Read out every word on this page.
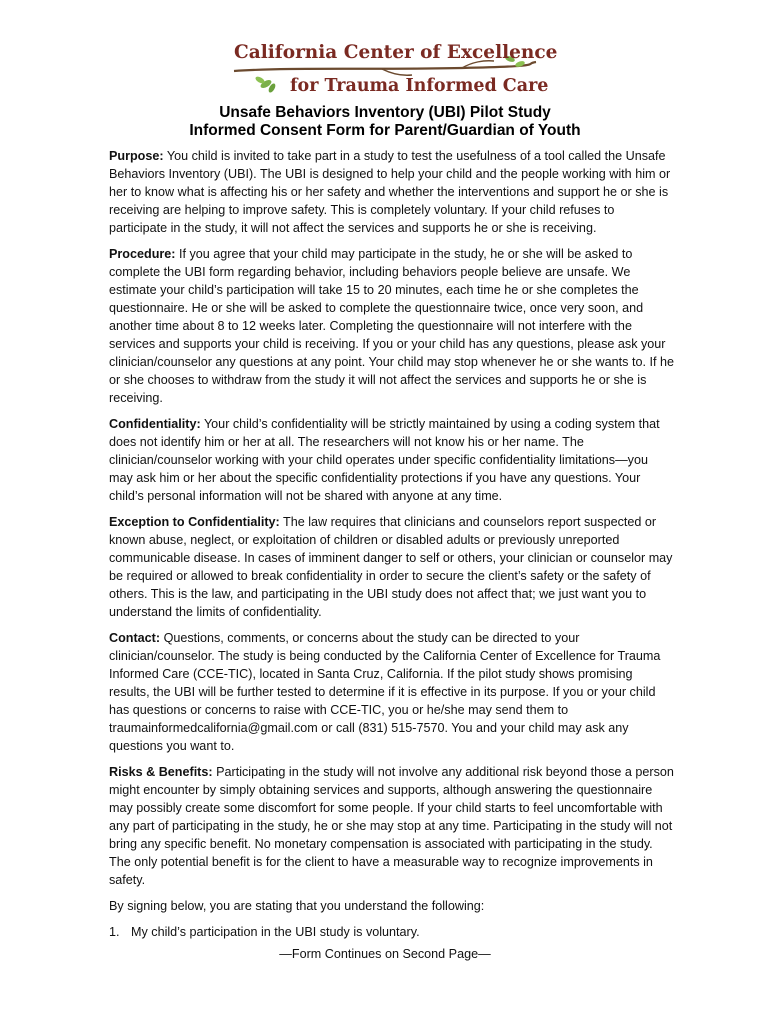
California Center of Excellence
for Trauma Informed Care
Unsafe Behaviors Inventory (UBI) Pilot Study
Informed Consent Form for Parent/Guardian of Youth

Purpose: You child is invited to take part in a study to test the usefulness of a tool called the Unsafe Behaviors Inventory (UBI). The UBI is designed to help your child and the people working with him or her to know what is affecting his or her safety and whether the interventions and support he or she is receiving are helping to improve safety. This is completely voluntary. If your child refuses to participate in the study, it will not affect the services and supports he or she is receiving.

Procedure: If you agree that your child may participate in the study, he or she will be asked to complete the UBI form regarding behavior, including behaviors people believe are unsafe. We estimate your child’s participation will take 15 to 20 minutes, each time he or she completes the questionnaire. He or she will be asked to complete the questionnaire twice, once very soon, and another time about 8 to 12 weeks later. Completing the questionnaire will not interfere with the services and supports your child is receiving. If you or your child has any questions, please ask your clinician/counselor any questions at any point. Your child may stop whenever he or she wants to. If he or she chooses to withdraw from the study it will not affect the services and supports he or she is receiving.

Confidentiality: Your child’s confidentiality will be strictly maintained by using a coding system that does not identify him or her at all. The researchers will not know his or her name. The clinician/counselor working with your child operates under specific confidentiality limitations—you may ask him or her about the specific confidentiality protections if you have any questions. Your child’s personal information will not be shared with anyone at any time.

Exception to Confidentiality: The law requires that clinicians and counselors report suspected or known abuse, neglect, or exploitation of children or disabled adults or previously unreported communicable disease. In cases of imminent danger to self or others, your clinician or counselor may be required or allowed to break confidentiality in order to secure the client’s safety or the safety of others. This is the law, and participating in the UBI study does not affect that; we just want you to understand the limits of confidentiality.

Contact: Questions, comments, or concerns about the study can be directed to your clinician/counselor. The study is being conducted by the California Center of Excellence for Trauma Informed Care (CCE-TIC), located in Santa Cruz, California. If the pilot study shows promising results, the UBI will be further tested to determine if it is effective in its purpose. If you or your child has questions or concerns to raise with CCE-TIC, you or he/she may send them to traumainformedcalifornia@gmail.com or call (831) 515-7570. You and your child may ask any questions you want to.

Risks & Benefits: Participating in the study will not involve any additional risk beyond those a person might encounter by simply obtaining services and supports, although answering the questionnaire may possibly create some discomfort for some people. If your child starts to feel uncomfortable with any part of participating in the study, he or she may stop at any time. Participating in the study will not bring any specific benefit. No monetary compensation is associated with participating in the study. The only potential benefit is for the client to have a measurable way to recognize improvements in safety.

By signing below, you are stating that you understand the following:

1. My child’s participation in the UBI study is voluntary.
—Form Continues on Second Page—
